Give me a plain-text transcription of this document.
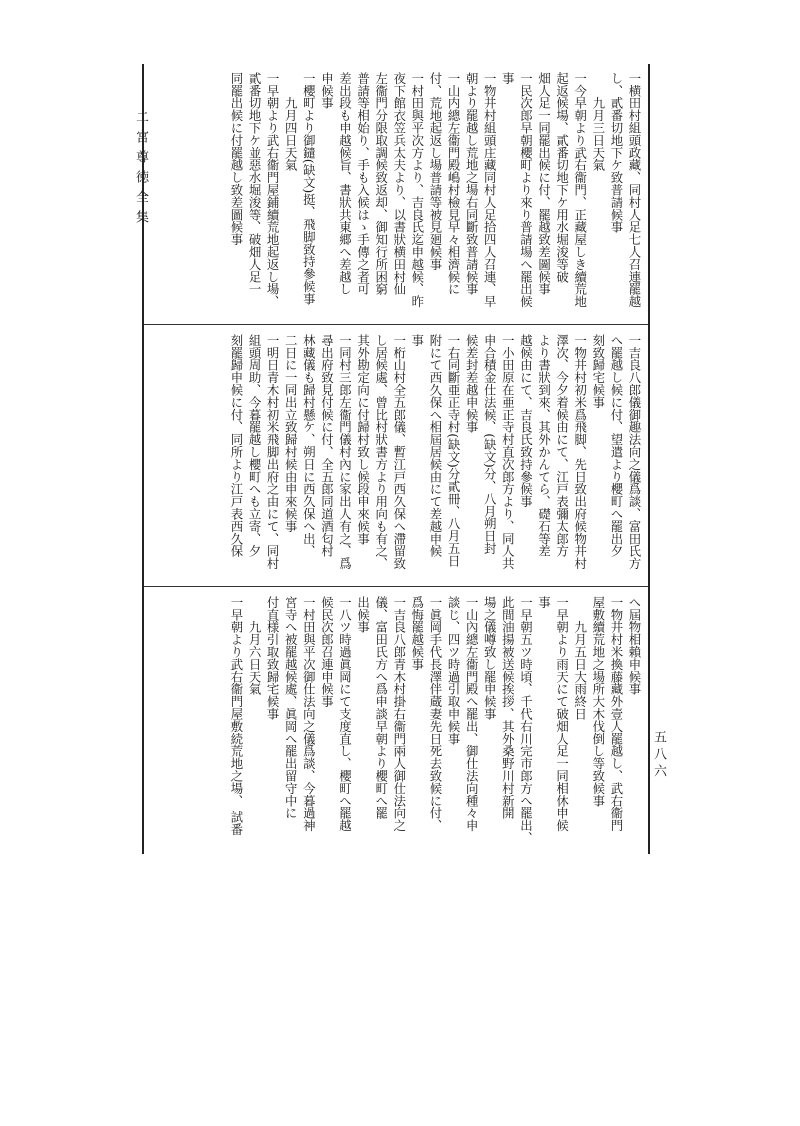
二宮尊徳全集
五八六
一横田村組頭政藏、同村人足七人召連罷越
し、貳番切地下ケ致普請候事
　　九月三日天氣
一今早朝より武右衞門、正藏屋しき續荒地
起返候場、貳番切地下ケ用水堀浚等破
畑人足一同罷出候に付、罷越致差圖候事
一民次郎早朝櫻町より來り普請場へ罷出候
事
一物井村組頭庄藏同村人足拾四人召連、早
朝より罷越し荒地之場右同斷致普請候事
一山内總左衞門殿嶋村檢見早々相濟候に
付、荒地起返し場普請等被見廻候事
一村田與平次方より、吉良氏迄申越候、昨
夜下館衣笠兵太夫より、以書狀横田村仙
左衞門分限取調候致返却、御知行所困窮
普請等相始り、手も入候はゝ手傳之者可
差出段も申越候旨、書狀共東郷へ差越し
申候事
一櫻町より御鑓(缺文)挺、飛脚致持參候事
　　九月四日天氣
一早朝より武右衞門屋鋪續荒地起返し場、
貳番切地下ケ並惡水堀浚等、破畑人足一
同罷出候に付罷越し致差圖候事
一吉良八郎儀御趣法向之儀爲談、富田氏方
へ罷越し候に付、望遣より櫻町へ罷出夕
刻致歸宅候事
一物井村初米爲飛脚、先日致出府候物井村
澤次、今夕着候由にて、江戸表彌太郎方
より書狀到來、其外かんてら、礎石等差
越候由にて、吉良氏致持參候事
一小田原在亜正寺村直次郎方より、同人共
申合積金仕法候、(缺文)分、八月朔日封
候差封差越申候事
一右同斷亜正寺村(缺文)分貳冊、八月五日
附にて西久保へ相屆居候由にて差越申候
事
一桁山村全五郎儀、暫江戸西久保へ滯留致
し居候處、曾比村狀書方より用向も有之、
其外勘定向に付歸村致し候段申來候事
一同村三郎左衞門儀村內に家出人有之、爲
尋出府致見付候に付、全五郎同道酒匂村
林藏儀も歸村懸ケ、朔日に西久保へ出、
二日に一同出立致歸村候由申來候事
一明日青木村初米飛脚出府之由にて、同村
組頭周助、今暮罷越し櫻町へも立寄、夕
刻罷歸申候に付、同所より江戸表西久保
へ屆物相賴申候事
一物井村米換藤藏外壹人罷越し、武右衞門
屋敷續荒地之場所大木伐倒し等致候事
　　九月五日大雨終日
一早朝より雨天にて破畑人足一同相休申候
事
一早朝五ツ時頃、千代右川完市郎方へ罷出、
此間油揚被送候挨拶、其外桑野川村新開
場之儀噂致し罷申候事
一山內總左衞門殿へ罷出、御仕法向種々申
談じ、四ツ時過引取申候事
一眞岡手代長澤伴蔵妻先日死去致候に付、
爲悔罷越候事
一吉良八郎青木村掛右衞門兩人御仕法向之
儀、富田氏方へ爲申談早朝より櫻町へ罷
出候事
一八ツ時過眞岡にて支度直し、櫻町へ罷越
候民次郎召連申候事
一村田與平次御仕法向之儀爲談、今暮過神
宮寺へ被罷越候處、眞岡へ罷出留守中に
付直様引取致歸宅候事
　　九月六日天氣
一早朝より武右衞門屋敷続荒地之場、 試番
